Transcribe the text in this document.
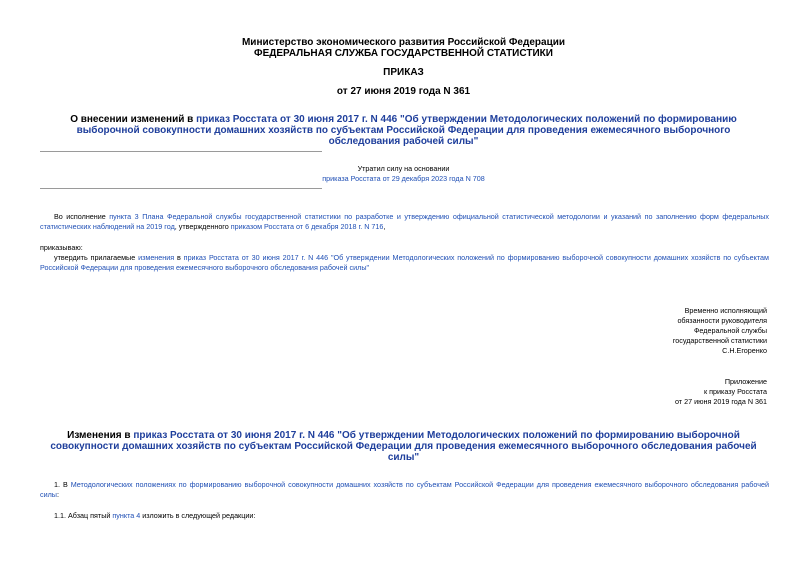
Министерство экономического развития Российской Федерации
ФЕДЕРАЛЬНАЯ СЛУЖБА ГОСУДАРСТВЕННОЙ СТАТИСТИКИ
ПРИКАЗ
от 27 июня 2019 года N 361
О внесении изменений в приказ Росстата от 30 июня 2017 г. N 446 "Об утверждении Методологических положений по формированию выборочной совокупности домашних хозяйств по субъектам Российской Федерации для проведения ежемесячного выборочного обследования рабочей силы"
Утратил силу на основании
приказа Росстата от 29 декабря 2023 года N 708
Во исполнение пункта 3 Плана Федеральной службы государственной статистики по разработке и утверждению официальной статистической методологии и указаний по заполнению форм федеральных статистических наблюдений на 2019 год, утвержденного приказом Росстата от 6 декабря 2018 г. N 716,
приказываю:
утвердить прилагаемые изменения в приказ Росстата от 30 июня 2017 г. N 446 "Об утверждении Методологических положений по формированию выборочной совокупности домашних хозяйств по субъектам Российской Федерации для проведения ежемесячного выборочного обследования рабочей силы"
Временно исполняющий
обязанности руководителя
Федеральной службы
государственной статистики
С.Н.Егоренко
Приложение
к приказу Росстата
от 27 июня 2019 года N 361
Изменения в приказ Росстата от 30 июня 2017 г. N 446 "Об утверждении Методологических положений по формированию выборочной совокупности домашних хозяйств по субъектам Российской Федерации для проведения ежемесячного выборочного обследования рабочей силы"
1. В Методологических положениях по формированию выборочной совокупности домашних хозяйств по субъектам Российской Федерации для проведения ежемесячного выборочного обследования рабочей силы:
1.1. Абзац пятый пункта 4 изложить в следующей редакции:
